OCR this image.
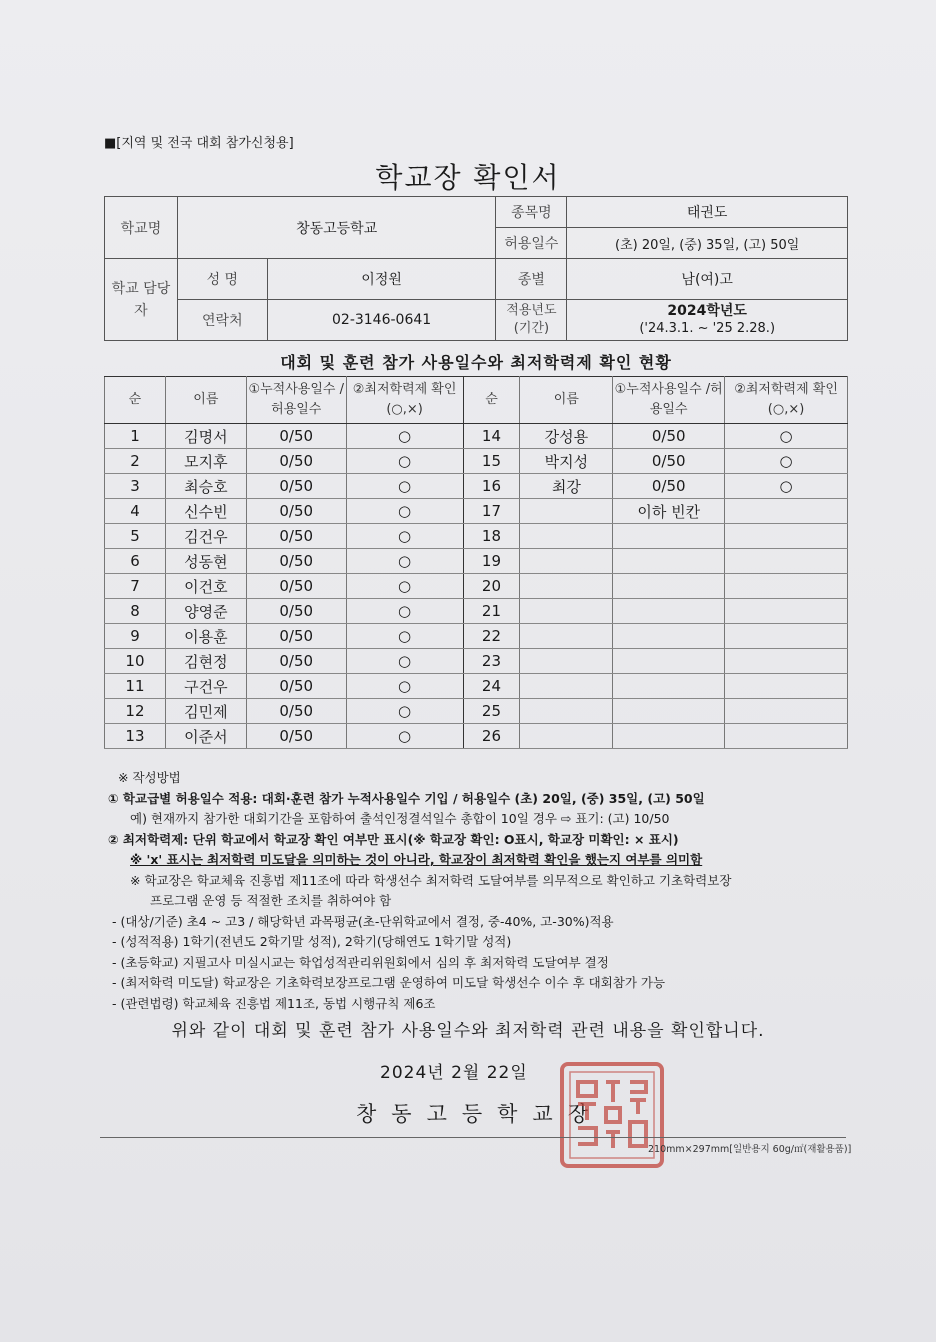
■[지역 및 전국 대회 참가신청용]
학교장 확인서
학교명	창동고등학교		종목명	태권도
			허용일수	(초) 20일, (중) 35일, (고) 50일
학교 담당자	성 명	이정원	종별	남(여)고
	연락처	02-3146-0641	적용년도 (기간)	2024학년도
('24.3.1. ~ '25 2.28.)
대회 및 훈련 참가 사용일수와 최저학력제 확인 현황
순	이름	①누적사용일수 /허용일수	②최저학력제 확인(○,×)	순	이름	①누적사용일수 /허용일수	②최저학력제 확인(○,×)
1	김명서	0/50	○	14	강성용	0/50	○
2	모지후	0/50	○	15	박지성	0/50	○
3	최승호	0/50	○	16	최강	0/50	○
4	신수빈	0/50	○	17		이하 빈칸	
5	김건우	0/50	○	18			
6	성동현	0/50	○	19			
7	이건호	0/50	○	20			
8	양영준	0/50	○	21			
9	이용훈	0/50	○	22			
10	김현정	0/50	○	23			
11	구건우	0/50	○	24			
12	김민제	0/50	○	25			
13	이준서	0/50	○	26			
※ 작성방법
① 학교급별 허용일수 적용: 대회·훈련 참가 누적사용일수 기입 / 허용일수 (초) 20일, (중) 35일, (고) 50일
예) 현재까지 참가한 대회기간을 포함하여 출석인정결석일수 총합이 10일 경우 ⇨ 표기: (고) 10/50
② 최저학력제: 단위 학교에서 학교장 확인 여부만 표시(※ 학교장 확인: O표시, 학교장 미확인: × 표시)
※ 'x' 표시는 최저학력 미도달을 의미하는 것이 아니라, 학교장이 최저학력 확인을 했는지 여부를 의미함
※ 학교장은 학교체육 진흥법 제11조에 따라 학생선수 최저학력 도달여부를 의무적으로 확인하고 기초학력보장
프로그램 운영 등 적절한 조치를 취하여야 함
- (대상/기준) 초4 ~ 고3 / 해당학년 과목평균(초-단위학교에서 결정, 중-40%, 고-30%)적용
- (성적적용) 1학기(전년도 2학기말 성적), 2학기(당해연도 1학기말 성적)
- (초등학교) 지필고사 미실시교는 학업성적관리위원회에서 심의 후 최저학력 도달여부 결정
- (최저학력 미도달) 학교장은 기초학력보장프로그램 운영하여 미도달 학생선수 이수 후 대회참가 가능
- (관련법령) 학교체육 진흥법 제11조, 동법 시행규칙 제6조
위와 같이 대회 및 훈련 참가 사용일수와 최저학력 관련 내용을 확인합니다.
2024년 2월 22일
창동고등학교장
210mm×297mm[일반용지 60g/㎡(재활용품)]
